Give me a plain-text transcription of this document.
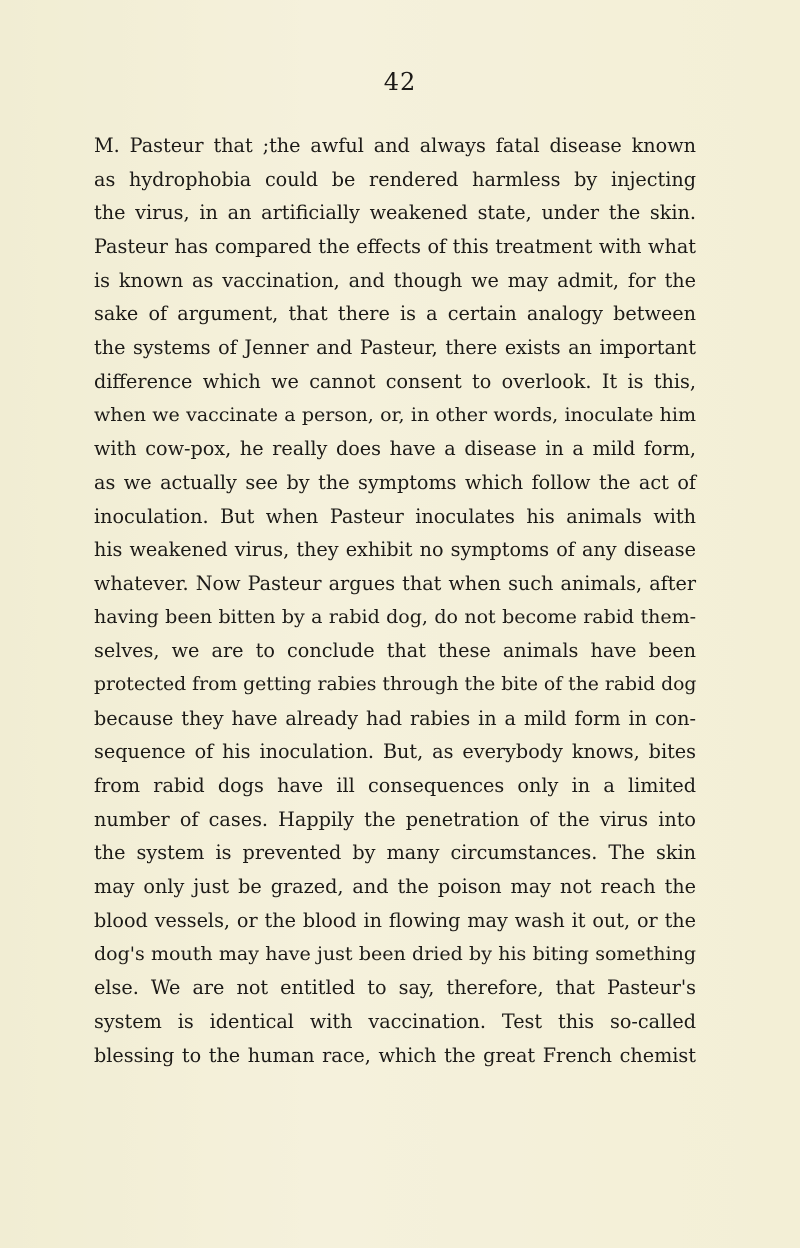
42
M. Pasteur that ;the awful and always fatal disease known
as hydrophobia could be rendered harmless by injecting
the virus, in an artificially weakened state, under the skin.
Pasteur has compared the effects of this treatment with what
is known as vaccination, and though we may admit, for the
sake of argument, that there is a certain analogy between
the systems of Jenner and Pasteur, there exists an important
difference which we cannot consent to overlook. It is this,
when we vaccinate a person, or, in other words, inoculate him
with cow-pox, he really does have a disease in a mild form,
as we actually see by the symptoms which follow the act of
inoculation. But when Pasteur inoculates his animals with
his weakened virus, they exhibit no symptoms of any disease
whatever. Now Pasteur argues that when such animals, after
having been bitten by a rabid dog, do not become rabid them-
selves, we are to conclude that these animals have been
protected from getting rabies through the bite of the rabid dog
because they have already had rabies in a mild form in con-
sequence of his inoculation. But, as everybody knows, bites
from rabid dogs have ill consequences only in a limited
number of cases. Happily the penetration of the virus into
the system is prevented by many circumstances. The skin
may only just be grazed, and the poison may not reach the
blood vessels, or the blood in flowing may wash it out, or the
dog's mouth may have just been dried by his biting something
else. We are not entitled to say, therefore, that Pasteur's
system is identical with vaccination. Test this so-called
blessing to the human race, which the great French chemist
